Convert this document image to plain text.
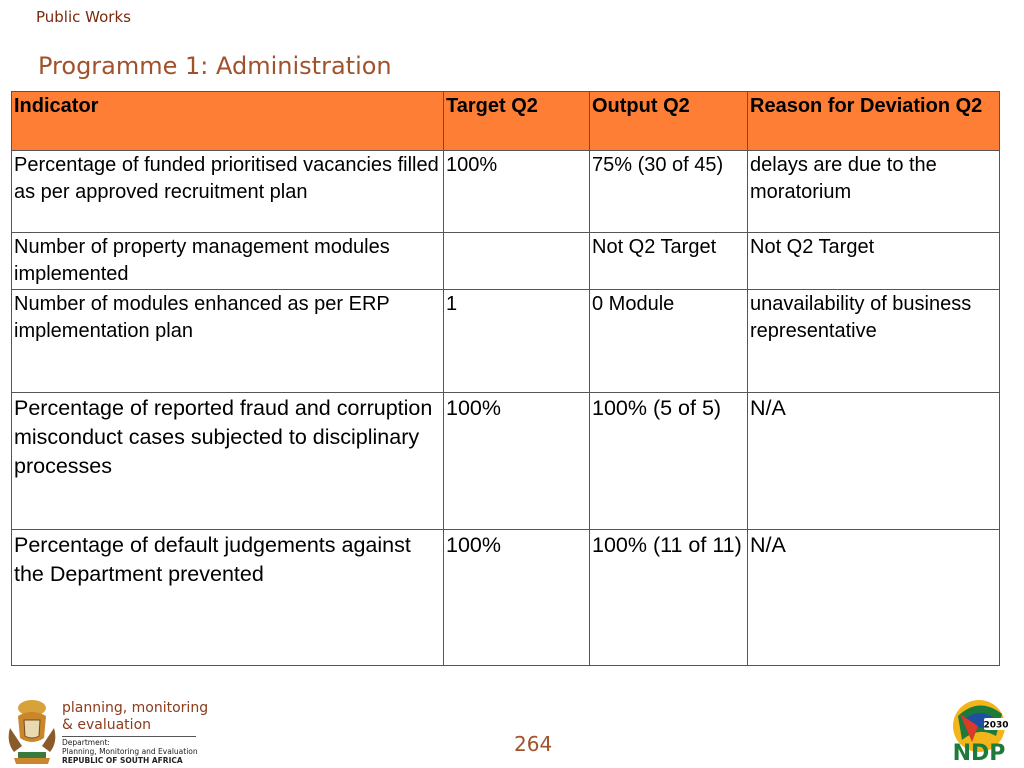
Public Works
Programme 1: Administration
Indicator	Target Q2	Output Q2	Reason for Deviation Q2
Percentage of funded prioritised vacancies filled as per approved recruitment plan	100%	75% (30 of 45)	delays are due to the moratorium
Number of property management modules implemented		Not Q2 Target	Not Q2 Target
Number of modules enhanced as per ERP implementation plan	1	0 Module	unavailability of business representative
Percentage of reported fraud and corruption misconduct cases subjected to disciplinary processes	100%	100% (5 of 5)	N/A
Percentage of default judgements against the Department prevented	100%	100% (11 of 11)	N/A
planning, monitoring
& evaluation
Department:
Planning, Monitoring and Evaluation
REPUBLIC OF SOUTH AFRICA
264
2030
NDP
